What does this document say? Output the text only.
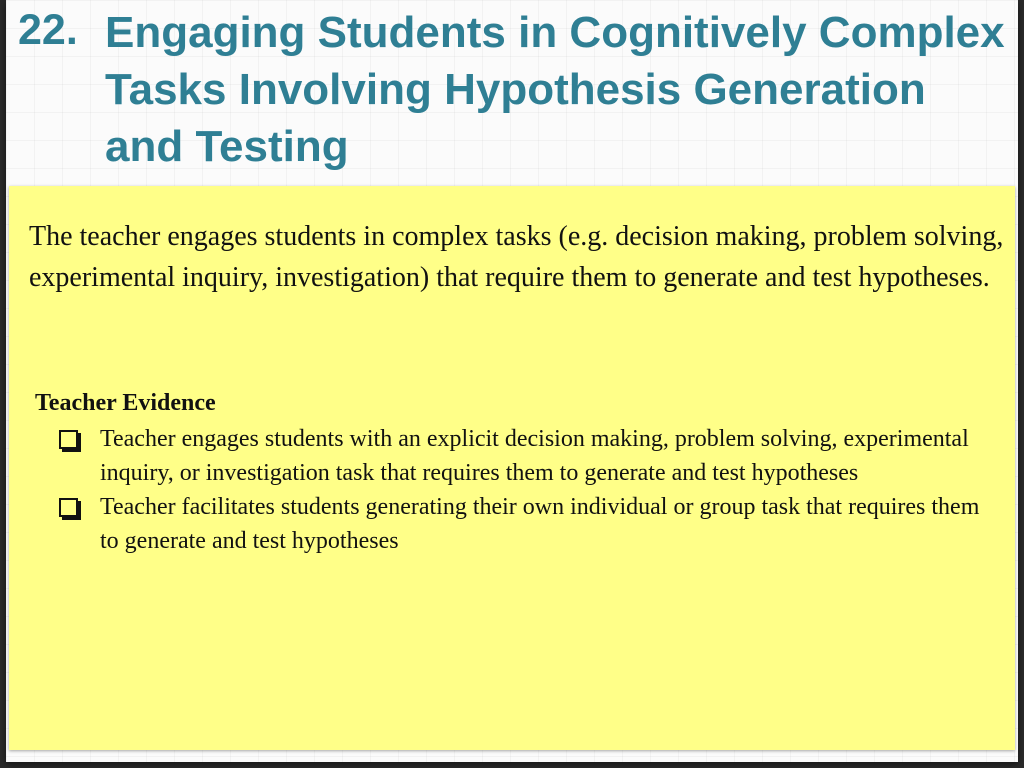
22. Engaging Students in Cognitively Complex Tasks Involving Hypothesis Generation and Testing

The teacher engages students in complex tasks (e.g. decision making, problem solving, experimental inquiry, investigation) that require them to generate and test hypotheses.

Teacher Evidence
Teacher engages students with an explicit decision making, problem solving, experimental inquiry, or investigation task that requires them to generate and test hypotheses
Teacher facilitates students generating their own individual or group task that requires them to generate and test hypotheses
